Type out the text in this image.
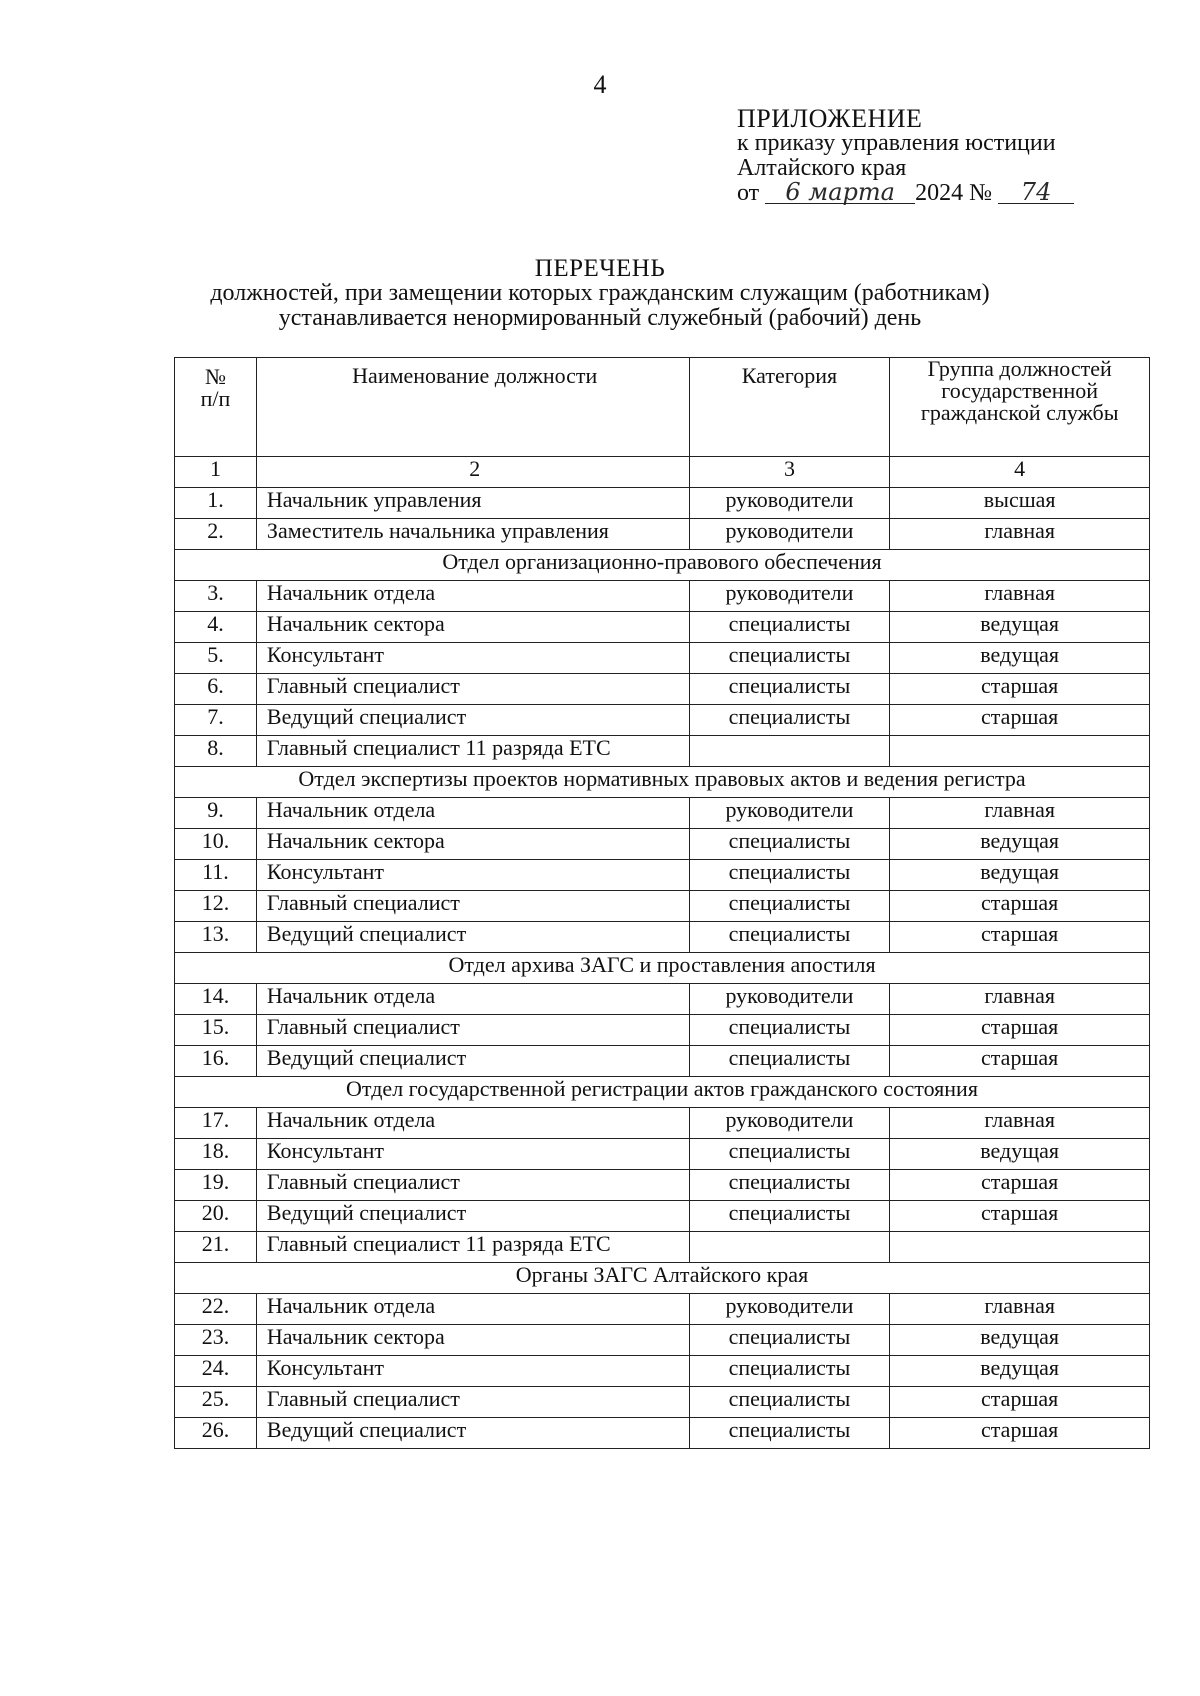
4
ПРИЛОЖЕНИЕ
к приказу управления юстиции
Алтайского края
от 6 марта 2024 № 74
ПЕРЕЧЕНЬ
должностей, при замещении которых гражданским служащим (работникам)
устанавливается ненормированный служебный (рабочий) день
№ п/п	Наименование должности	Категория	Группа должностей государственной гражданской службы
1	2	3	4
1.	Начальник управления	руководители	высшая
2.	Заместитель начальника управления	руководители	главная
Отдел организационно-правового обеспечения			
3.	Начальник отдела	руководители	главная
4.	Начальник сектора	специалисты	ведущая
5.	Консультант	специалисты	ведущая
6.	Главный специалист	специалисты	старшая
7.	Ведущий специалист	специалисты	старшая
8.	Главный специалист 11 разряда ЕТС		
Отдел экспертизы проектов нормативных правовых актов и ведения регистра			
9.	Начальник отдела	руководители	главная
10.	Начальник сектора	специалисты	ведущая
11.	Консультант	специалисты	ведущая
12.	Главный специалист	специалисты	старшая
13.	Ведущий специалист	специалисты	старшая
Отдел архива ЗАГС и проставления апостиля			
14.	Начальник отдела	руководители	главная
15.	Главный специалист	специалисты	старшая
16.	Ведущий специалист	специалисты	старшая
Отдел государственной регистрации актов гражданского состояния			
17.	Начальник отдела	руководители	главная
18.	Консультант	специалисты	ведущая
19.	Главный специалист	специалисты	старшая
20.	Ведущий специалист	специалисты	старшая
21.	Главный специалист 11 разряда ЕТС		
Органы ЗАГС Алтайского края			
22.	Начальник отдела	руководители	главная
23.	Начальник сектора	специалисты	ведущая
24.	Консультант	специалисты	ведущая
25.	Главный специалист	специалисты	старшая
26.	Ведущий специалист	специалисты	старшая
